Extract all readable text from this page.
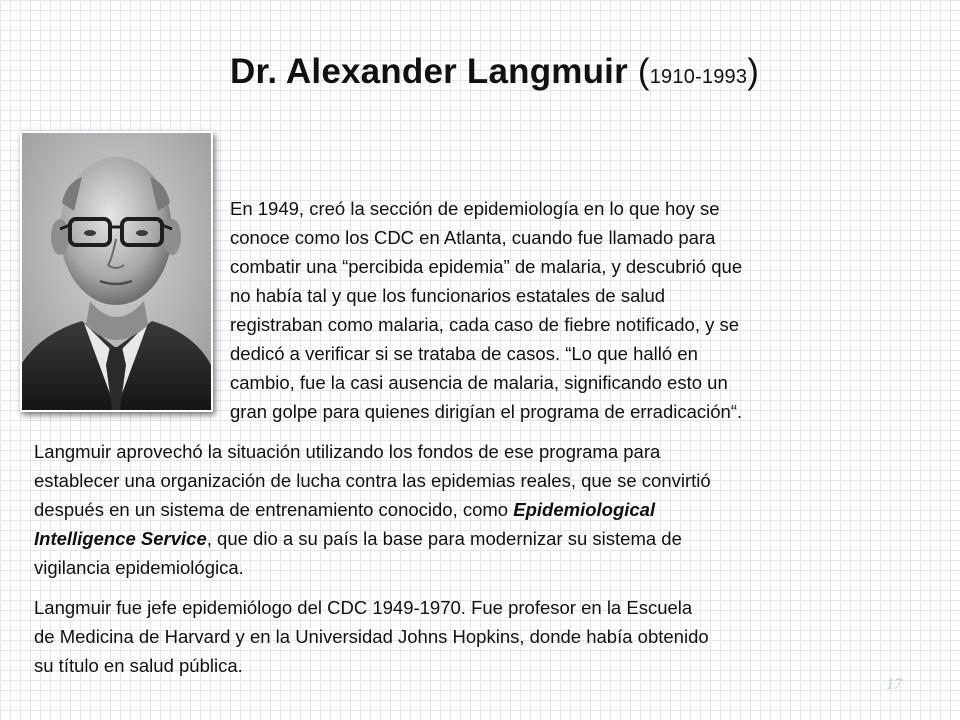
Dr. Alexander Langmuir (1910-1993)

En 1949, creó la sección de epidemiología en lo que hoy se
conoce como los CDC en Atlanta, cuando fue llamado para
combatir una “percibida epidemia” de malaria, y descubrió que
no había tal y que los funcionarios estatales de salud
registraban como malaria, cada caso de fiebre notificado, y se
dedicó a verificar si se trataba de casos. “Lo que halló en
cambio, fue la casi ausencia de malaria, significando esto un
gran golpe para quienes dirigían el programa de erradicación“.

Langmuir aprovechó la situación utilizando los fondos de ese programa para
establecer una organización de lucha contra las epidemias reales, que se convirtió
después en un sistema de entrenamiento conocido, como Epidemiological
Intelligence Service, que dio a su país la base para modernizar su sistema de
vigilancia epidemiológica.

Langmuir fue jefe epidemiólogo del CDC 1949-1970. Fue profesor en la Escuela
de Medicina de Harvard y en la Universidad Johns Hopkins, donde había obtenido
su título en salud pública.

17
